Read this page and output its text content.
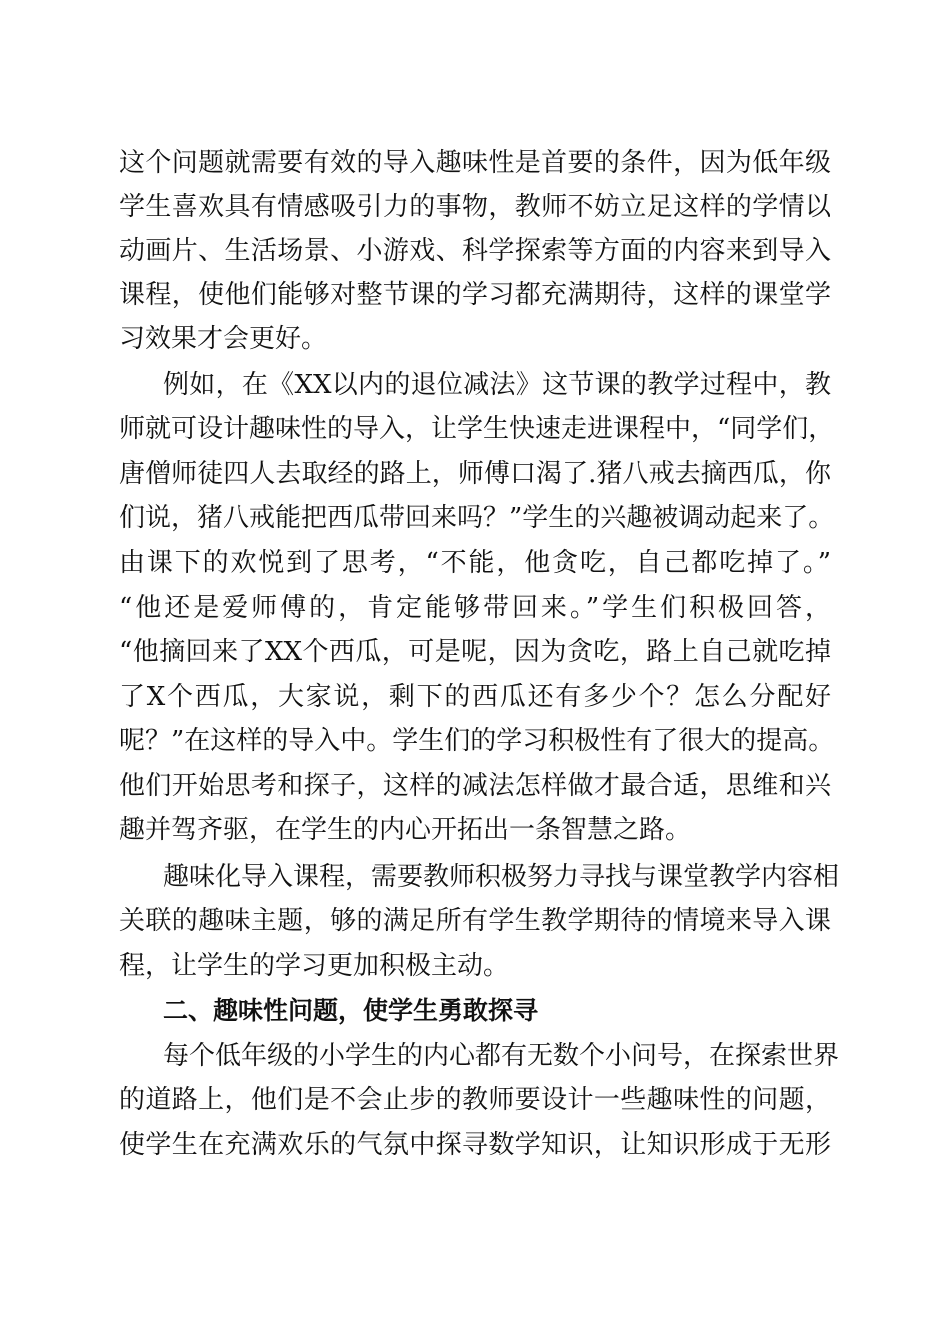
这个问题就需要有效的导入趣味性是首要的条件，因为低年级
学生喜欢具有情感吸引力的事物，教师不妨立足这样的学情以
动画片、生活场景、小游戏、科学探索等方面的内容来到导入
课程，使他们能够对整节课的学习都充满期待，这样的课堂学
习效果才会更好。
例如，在《XX以内的退位减法》这节课的教学过程中，教
师就可设计趣味性的导入，让学生快速走进课程中，“同学们，
唐僧师徒四人去取经的路上，师傅口渴了.猪八戒去摘西瓜，你
们说，猪八戒能把西瓜带回来吗？”学生的兴趣被调动起来了。
由课下的欢悦到了思考，“不能，他贪吃，自己都吃掉了。”
“他还是爱师傅的，肯定能够带回来。”学生们积极回答，
“他摘回来了XX个西瓜，可是呢，因为贪吃，路上自己就吃掉
了X个西瓜，大家说，剩下的西瓜还有多少个？怎么分配好
呢？”在这样的导入中。学生们的学习积极性有了很大的提高。
他们开始思考和探子，这样的减法怎样做才最合适，思维和兴
趣并驾齐驱，在学生的内心开拓出一条智慧之路。
趣味化导入课程，需要教师积极努力寻找与课堂教学内容相
关联的趣味主题，够的满足所有学生教学期待的情境来导入课
程，让学生的学习更加积极主动。
二、趣味性问题，使学生勇敢探寻
每个低年级的小学生的内心都有无数个小问号，在探索世界
的道路上，他们是不会止步的教师要设计一些趣味性的问题，
使学生在充满欢乐的气氛中探寻数学知识，让知识形成于无形
